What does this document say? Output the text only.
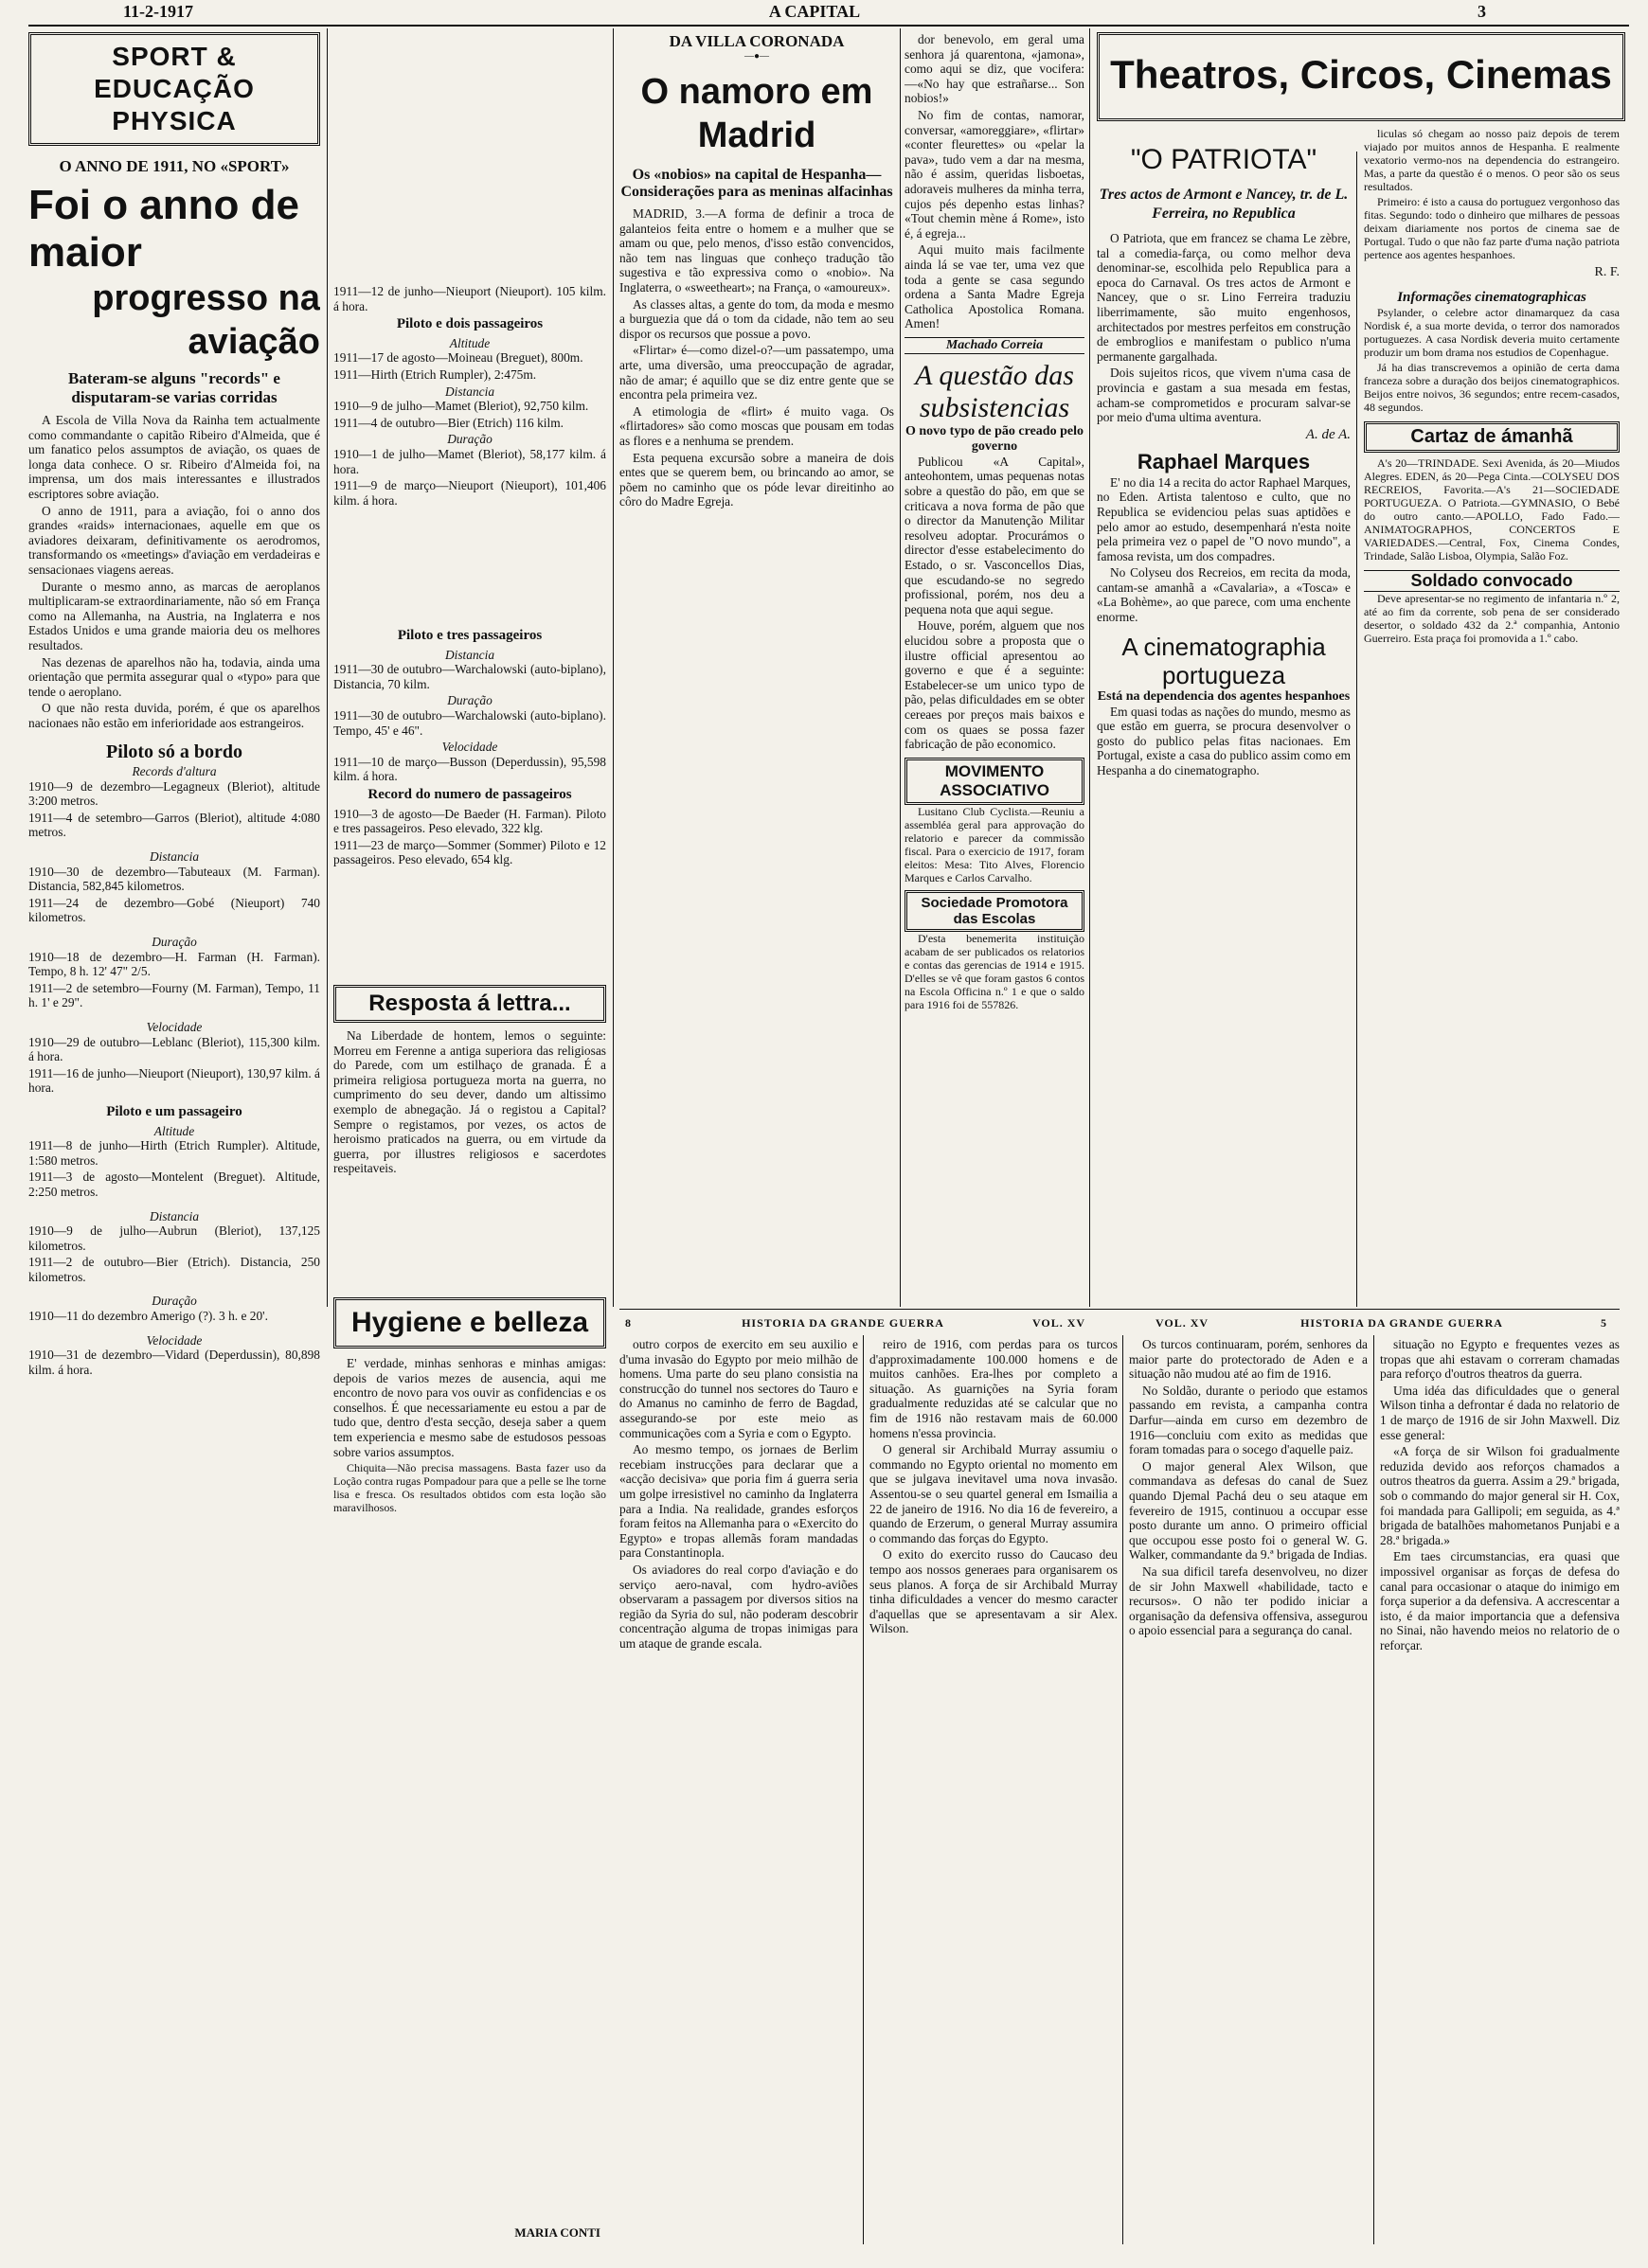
11-2-1917	A CAPITAL	3
SPORT & EDUCAÇÃO PHYSICA
O ANNO DE 1911, NO «SPORT»
Foi o anno de maior
progresso na aviação
Bateram-se alguns "records" e disputaram-se varias corridas

A Escola de Villa Nova da Rainha tem actualmente como commandante o capitão Ribeiro d'Almeida, que é um fanatico pelos assumptos de aviação, os quaes de longa data conhece. O sr. Ribeiro d'Almeida foi, na imprensa, um dos mais interessantes e illustrados escriptores sobre aviação.

O anno de 1911, para a aviação, foi o anno dos grandes «raids» internacionaes, aquelle em que os aviadores deixaram, definitivamente os aerodromos, transformando os «meetings» d'aviação em verdadeiras e sensacionaes viagens aereas.

Durante o mesmo anno, as marcas de aeroplanos multiplicaram-se extraordinariamente, não só em França como na Allemanha, na Austria, na Inglaterra e nos Estados Unidos e uma grande maioria deu os melhores resultados.

Nas dezenas de aparelhos não ha, todavia, ainda uma orientação que permita assegurar qual o «typo» para que tende o aeroplano.

O que não resta duvida, porém, é que os aparelhos nacionaes não estão em inferioridade aos estrangeiros.

Piloto só a bordo
Records d'altura
1910—9 de dezembro—Legagneux (Bleriot), altitude 3:200 metros.
1911—4 de setembro—Garros (Bleriot), altitude 4:080 metros.
Distancia
1910—30 de dezembro—Tabuteaux (M. Farman). Distancia, 582,845 kilometros.
1911—24 de dezembro—Gobé (Nieuport) 740 kilometros.
Duração
1910—18 de dezembro—H. Farman (H. Farman). Tempo, 8 h. 12' 47" 2/5.
1911—2 de setembro—Fourny (M. Farman), Tempo, 11 h. 1' e 29".
Velocidade
1910—29 de outubro—Leblanc (Bleriot), 115,300 kilm. á hora.
1911—16 de junho—Nieuport (Nieuport), 130,97 kilm. á hora.
Piloto e um passageiro
Altitude
1911—8 de junho—Hirth (Etrich Rumpler). Altitude, 1:580 metros.
1911—3 de agosto—Montelent (Breguet). Altitude, 2:250 metros.
Distancia
1910—9 de julho—Aubrun (Bleriot), 137,125 kilometros.
1911—2 de outubro—Bier (Etrich). Distancia, 250 kilometros.
Duração
1910—11 do dezembro Amerigo (?). 3 h. e 20'.
Velocidade
1910—31 de dezembro—Vidard (Deperdussin), 80,898 kilm. á hora.
1911—12 de junho—Nieuport (Nieuport). 105 kilm. á hora.
Piloto e dois passageiros
Altitude
1911—17 de agosto—Moineau (Breguet), 800m.
1911—Hirth (Etrich Rumpler), 2:475m.
Distancia
1910—9 de julho—Mamet (Bleriot), 92,750 kilm.
1911—4 de outubro—Bier (Etrich) 116 kilm.
Duração
1910—1 de julho—Mamet (Bleriot), 58,177 kilm. á hora.
1911—9 de março—Nieuport (Nieuport), 101,406 kilm. á hora.
Piloto e tres passageiros
Distancia
1911—30 de outubro—Warchalowski (auto-biplano), Distancia, 70 kilm.
Duração
1911—30 de outubro—Warchalowski (auto-biplano). Tempo, 45' e 46".
Velocidade
1911—10 de março—Busson (Deperdussin), 95,598 kilm. á hora.
Record do numero de passageiros
1910—3 de agosto—De Baeder (H. Farman). Piloto e tres passageiros. Peso elevado, 322 klg.
1911—23 de março—Sommer (Sommer) Piloto e 12 passageiros. Peso elevado, 654 klg.
Resposta á lettra...

Na Liberdade de hontem, lemos o seguinte: Morreu em Ferenne a antiga superiora das religiosas do Parede, com um estilhaço de granada. É a primeira religiosa portugueza morta na guerra, no cumprimento do seu dever, dando um altissimo exemplo de abnegação. Já o registou a Capital? Sempre o registamos, por vezes, os actos de heroismo praticados na guerra, ou em virtude da guerra, por illustres religiosos e sacerdotes respeitaveis.

Hygiene e belleza

E' verdade, minhas senhoras e minhas amigas: depois de varios mezes de ausencia, aqui me encontro de novo para vos ouvir as confidencias e os conselhos. É que necessariamente eu estou a par de tudo que, dentro d'esta secção, deseja saber a quem tem experiencia e mesmo sabe de estudosos pessoas sobre varios assumptos.

Chiquita—Não precisa massagens. Basta fazer uso da Loção contra rugas Pompadour para que a pelle se lhe torne lisa e fresca. Os resultados obtidos com esta loção são maravilhosos.

MARIA CONTI
DA VILLA CORONADA
—●—
O namoro em Madrid
Os «nobios» na capital de Hespanha—Considerações para as meninas alfacinhas

MADRID, 3.—A forma de definir a troca de galanteios feita entre o homem e a mulher que se amam ou que, pelo menos, d'isso estão convencidos, não tem nas linguas que conheço tradução tão sugestiva e tão expressiva como o «nobio». Na Inglaterra, o «sweetheart»; na França, o «amoureux».

As classes altas, a gente do tom, da moda e mesmo a burguezia que dá o tom da cidade, não tem ao seu dispor os recursos que possue a povo.

«Flirtar» é—como dizel-o?—um passatempo, uma arte, uma diversão, uma preoccupação de agradar, não de amar; é aquillo que se diz entre gente que se encontra pela primeira vez.

A etimologia de «flirt» é muito vaga. Os «flirtadores» são como moscas que pousam em todas as flores e a nenhuma se prendem.

Esta pequena excursão sobre a maneira de dois entes que se querem bem, ou brincando ao amor, se põem no caminho que os póde levar direitinho ao côro do Madre Egreja.

dor benevolo, em geral uma senhora já quarentona, «jamona», como aqui se diz, que vocifera: —«No hay que estrañarse... Son nobios!»

No fim de contas, namorar, conversar, «amoreggiare», «flirtar» «conter fleurettes» ou «pelar la pava», tudo vem a dar na mesma, não é assim, queridas lisboetas, adoraveis mulheres da minha terra, cujos pés depenho estas linhas? «Tout chemin mène á Rome», isto é, á egreja...

Aqui muito mais facilmente ainda lá se vae ter, uma vez que toda a gente se casa segundo ordena a Santa Madre Egreja Catholica Apostolica Romana. Amen!

Machado Correia
A questão das subsistencias
O novo typo de pão creado pelo governo

Publicou «A Capital», anteohontem, umas pequenas notas sobre a questão do pão, em que se criticava a nova forma de pão que o director da Manutenção Militar resolveu adoptar. Procurámos o director d'esse estabelecimento do Estado, o sr. Vasconcellos Dias, que escudando-se no segredo profissional, porém, nos deu a pequena nota que aqui segue.

Houve, porém, alguem que nos elucidou sobre a proposta que o ilustre official apresentou ao governo e que é a seguinte: Estabelecer-se um unico typo de pão, pelas dificuldades em se obter cereaes por preços mais baixos e com os quaes se possa fazer fabricação de pão economico.

MOVIMENTO ASSOCIATIVO

Lusitano Club Cyclista.—Reuniu a assembléa geral para approvação do relatorio e parecer da commissão fiscal. Para o exercicio de 1917, foram eleitos: Mesa: Tito Alves, Florencio Marques e Carlos Carvalho.

Sociedade Promotora das Escolas

D'esta benemerita instituição acabam de ser publicados os relatorios e contas das gerencias de 1914 e 1915. D'elles se vê que foram gastos 6 contos na Escola Officina n.º 1 e que o saldo para 1916 foi de 557826.

Theatros, Circos, Cinemas
"O PATRIOTA"
Tres actos de Armont e Nancey, tr. de L. Ferreira, no Republica

O Patriota, que em francez se chama Le zèbre, tal a comedia-farça, ou como melhor deva denominar-se, escolhida pelo Republica para a epoca do Carnaval. Os tres actos de Armont e Nancey, que o sr. Lino Ferreira traduziu liberrimamente, são muito engenhosos, architectados por mestres perfeitos em construção de embroglios e manifestam o publico n'uma permanente gargalhada.

Dois sujeitos ricos, que vivem n'uma casa de provincia e gastam a sua mesada em festas, acham-se comprometidos e procuram salvar-se por meio d'uma ultima aventura.

A. de A.
Raphael Marques

E' no dia 14 a recita do actor Raphael Marques, no Eden. Artista talentoso e culto, que no Republica se evidenciou pelas suas aptidões e pelo amor ao estudo, desempenhará n'esta noite pela primeira vez o papel de "O novo mundo", a famosa revista, um dos compadres.

No Colyseu dos Recreios, em recita da moda, cantam-se amanhã a «Cavalaria», a «Tosca» e «La Bohème», ao que parece, com uma enchente enorme.

A cinematographia portugueza
Está na dependencia dos agentes hespanhoes

Em quasi todas as nações do mundo, mesmo as que estão em guerra, se procura desenvolver o gosto do publico pelas fitas nacionaes. Em Portugal, existe a casa do publico assim como em Hespanha a do cinematographo.

liculas só chegam ao nosso paiz depois de terem viajado por muitos annos de Hespanha. E realmente vexatorio vermo-nos na dependencia do estrangeiro. Mas, a parte da questão é o menos. O peor são os seus resultados.

Primeiro: é isto a causa do portuguez vergonhoso das fitas. Segundo: todo o dinheiro que milhares de pessoas deixam diariamente nos portos de cinema sae de Portugal. Tudo o que não faz parte d'uma nação patriota pertence aos agentes hespanhoes.

R. F.
Informações cinematographicas

Psylander, o celebre actor dinamarquez da casa Nordisk é, a sua morte devida, o terror dos namorados portuguezes. A casa Nordisk deveria muito certamente produzir um bom drama nos estudios de Copenhague.

Já ha dias transcrevemos a opinião de certa dama franceza sobre a duração dos beijos cinematographicos. Beijos entre noivos, 36 segundos; entre recem-casados, 48 segundos.

Cartaz de ámanhã

A's 20—TRINDADE. Sexi Avenida, ás 20—Miudos Alegres. EDEN, ás 20—Pega Cinta.—COLYSEU DOS RECREIOS, Favorita.—A's 21—SOCIEDADE PORTUGUEZA. O Patriota.—GYMNASIO, O Bebé do outro canto.—APOLLO, Fado Fado.—ANIMATOGRAPHOS, CONCERTOS E VARIEDADES.—Central, Fox, Cinema Condes, Trindade, Salão Lisboa, Olympia, Salão Foz.

Soldado convocado

Deve apresentar-se no regimento de infantaria n.º 2, até ao fim da corrente, sob pena de ser considerado desertor, o soldado 432 da 2.ª companhia, Antonio Guerreiro. Esta praça foi promovida a 1.º cabo.

8	HISTORIA DA GRANDE GUERRA	VOL. XV	VOL. XV	HISTORIA DA GRANDE GUERRA	5

outro corpos de exercito em seu auxilio e d'uma invasão do Egypto por meio milhão de homens. Uma parte do seu plano consistia na construcção do tunnel nos sectores do Tauro e do Amanus no caminho de ferro de Bagdad, assegurando-se por este meio as communicações com a Syria e com o Egypto.

Ao mesmo tempo, os jornaes de Berlim recebiam instrucções para declarar que a «acção decisiva» que poria fim á guerra seria um golpe irresistivel no caminho da Inglaterra para a India. Na realidade, grandes esforços foram feitos na Allemanha para o «Exercito do Egypto» e tropas allemãs foram mandadas para Constantinopla.

Os aviadores do real corpo d'aviação e do serviço aero-naval, com hydro-aviões observaram a passagem por diversos sitios na região da Syria do sul, não poderam descobrir concentração alguma de tropas inimigas para um ataque de grande escala.

reiro de 1916, com perdas para os turcos d'approximadamente 100.000 homens e de muitos canhões. Era-lhes por completo a situação. As guarnições na Syria foram gradualmente reduzidas até se calcular que no fim de 1916 não restavam mais de 60.000 homens n'essa provincia.

O general sir Archibald Murray assumiu o commando no Egypto oriental no momento em que se julgava inevitavel uma nova invasão. Assentou-se o seu quartel general em Ismailia a 22 de janeiro de 1916. No dia 16 de fevereiro, a quando de Erzerum, o general Murray assumira o commando das forças do Egypto.

O exito do exercito russo do Caucaso deu tempo aos nossos generaes para organisarem os seus planos. A força de sir Archibald Murray tinha dificuldades a vencer do mesmo caracter d'aquellas que se apresentavam a sir Alex. Wilson.

Os turcos continuaram, porém, senhores da maior parte do protectorado de Aden e a situação não mudou até ao fim de 1916.

No Soldão, durante o periodo que estamos passando em revista, a campanha contra Darfur—ainda em curso em dezembro de 1916—concluiu com exito as medidas que foram tomadas para o socego d'aquelle paiz.

O major general Alex Wilson, que commandava as defesas do canal de Suez quando Djemal Pachá deu o seu ataque em fevereiro de 1915, continuou a occupar esse posto durante um anno. O primeiro official que occupou esse posto foi o general W. G. Walker, commandante da 9.ª brigada de Indias.

Na sua dificil tarefa desenvolveu, no dizer de sir John Maxwell «habilidade, tacto e recursos». O não ter podido iniciar a organisação da defensiva offensiva, assegurou o apoio essencial para a segurança do canal.

situação no Egypto e frequentes vezes as tropas que ahi estavam o correram chamadas para reforço d'outros theatros da guerra.

Uma idéa das dificuldades que o general Wilson tinha a defrontar é dada no relatorio de 1 de março de 1916 de sir John Maxwell. Diz esse general:

«A força de sir Wilson foi gradualmente reduzida devido aos reforços chamados a outros theatros da guerra. Assim a 29.ª brigada, sob o commando do major general sir H. Cox, foi mandada para Gallipoli; em seguida, as 4.ª brigada de batalhões mahometanos Punjabi e a 28.ª brigada.»

Em taes circumstancias, era quasi que impossivel organisar as forças de defesa do canal para occasionar o ataque do inimigo em força superior a da defensiva. A accrescentar a isto, é da maior importancia que a defensiva no Sinai, não havendo meios no relatorio de o reforçar.
